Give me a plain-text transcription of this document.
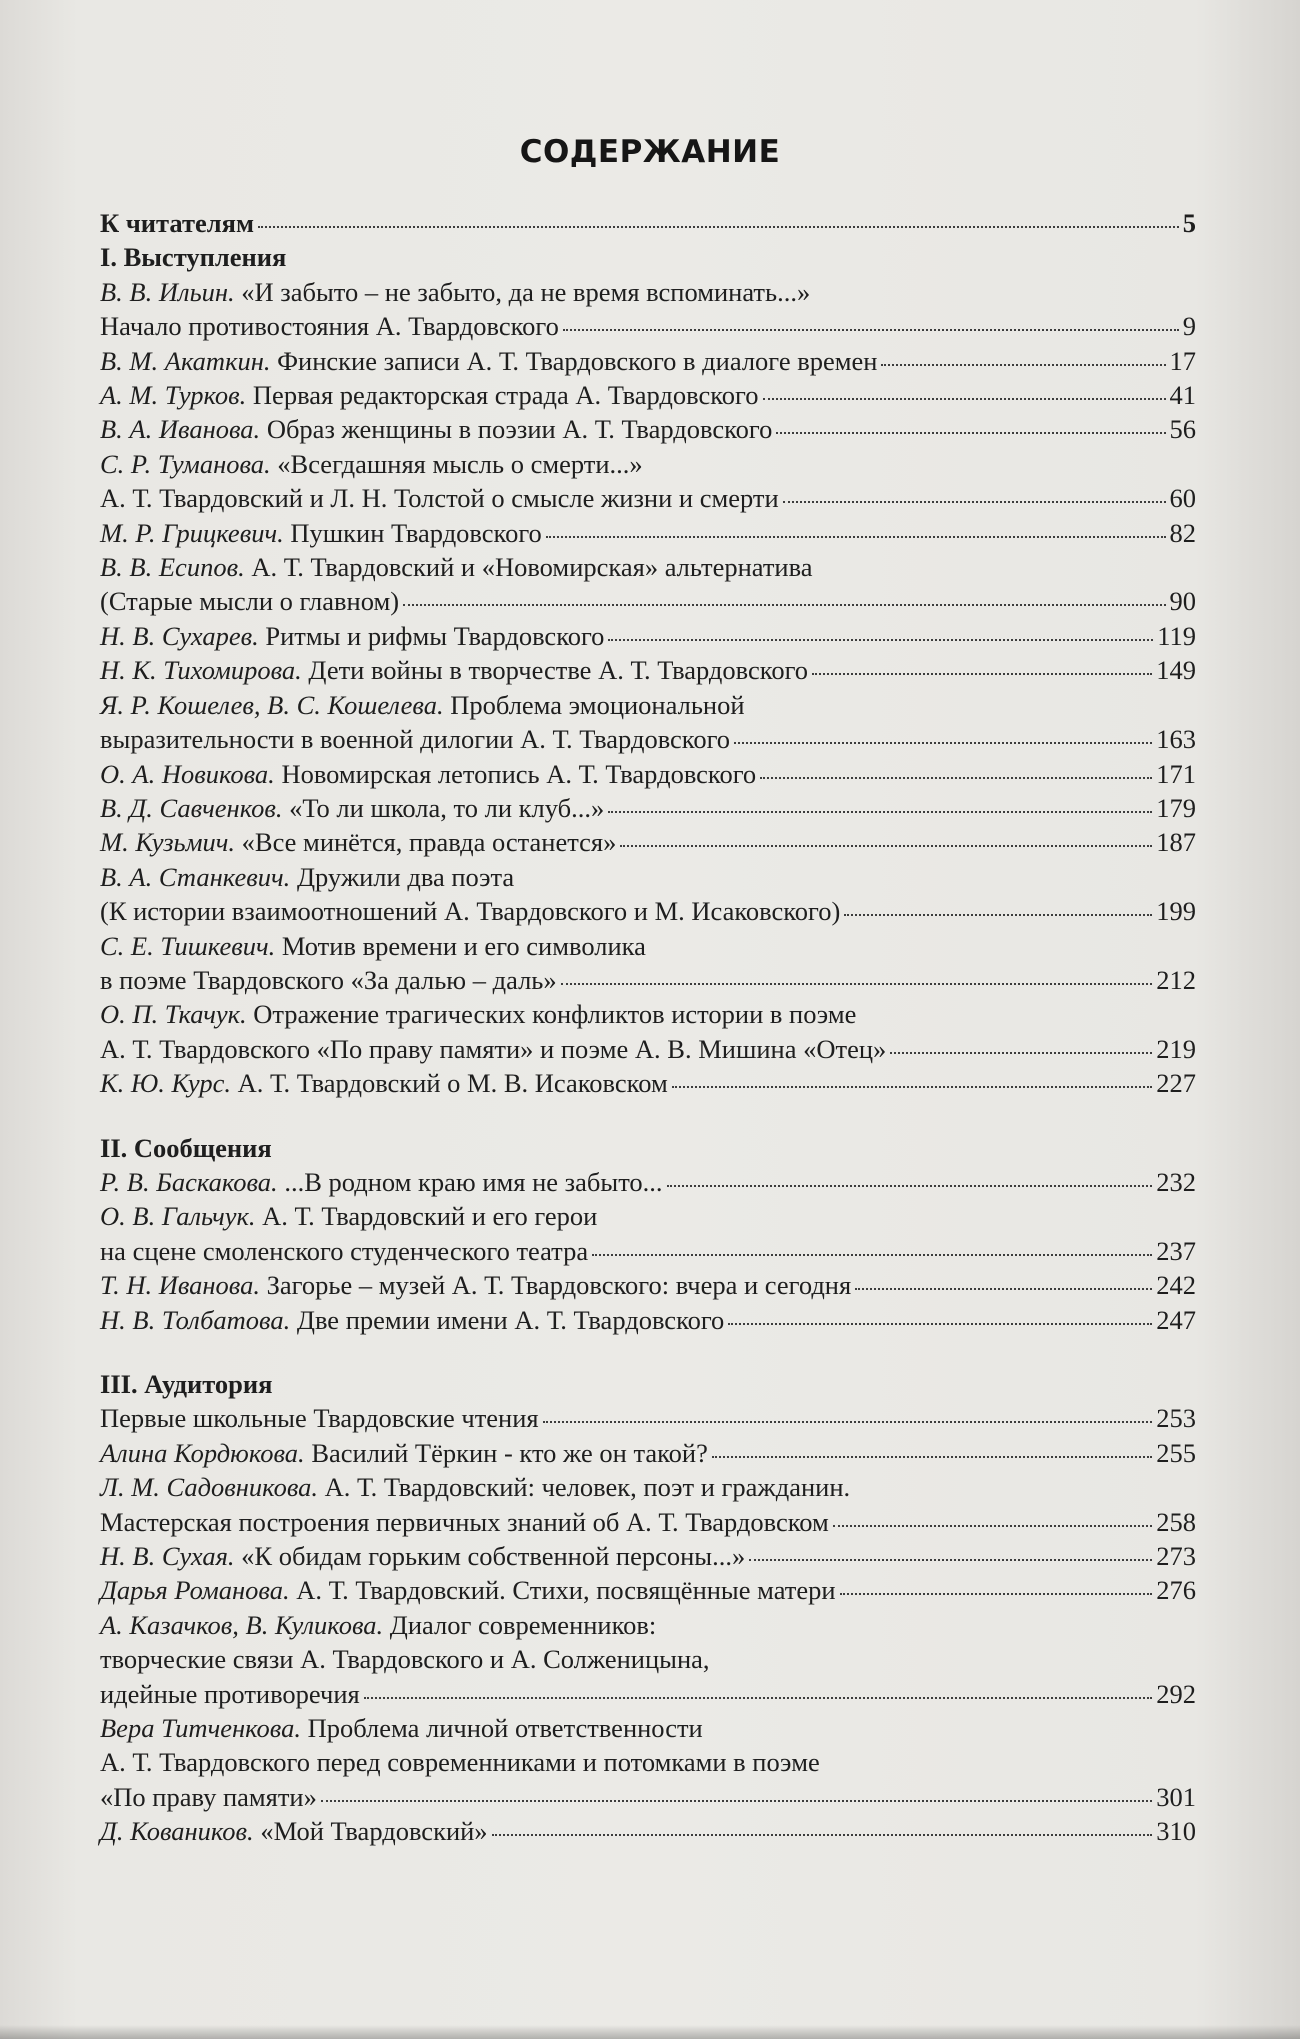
СОДЕРЖАНИЕ
К читателям	5
I. Выступления
В. В. Ильин. «И забыто – не забыто, да не время вспоминать...»
Начало противостояния А. Твардовского	9
В. М. Акаткин. Финские записи А. Т. Твардовского в диалоге времен	17
А. М. Турков. Первая редакторская страда А. Твардовского	41
В. А. Иванова. Образ женщины в поэзии А. Т. Твардовского	56
С. Р. Туманова. «Всегдашняя мысль о смерти...»
А. Т. Твардовский и Л. Н. Толстой о смысле жизни и смерти	60
М. Р. Грицкевич. Пушкин Твардовского	82
В. В. Есипов. А. Т. Твардовский и «Новомирская» альтернатива
(Старые мысли о главном)	90
Н. В. Сухарев. Ритмы и рифмы Твардовского	119
Н. К. Тихомирова. Дети войны в творчестве А. Т. Твардовского	149
Я. Р. Кошелев, В. С. Кошелева. Проблема эмоциональной
выразительности в военной дилогии А. Т. Твардовского	163
О. А. Новикова. Новомирская летопись А. Т. Твардовского	171
В. Д. Савченков. «То ли школа, то ли клуб...»	179
М. Кузьмич. «Все минётся, правда останется»	187
В. А. Станкевич. Дружили два поэта
(К истории взаимоотношений А. Твардовского и М. Исаковского)	199
С. Е. Тишкевич. Мотив времени и его символика
в поэме Твардовского «За далью – даль»	212
О. П. Ткачук. Отражение трагических конфликтов истории в поэме
А. Т. Твардовского «По праву памяти» и поэме А. В. Мишина «Отец»	219
К. Ю. Курс. А. Т. Твардовский о М. В. Исаковском	227
II. Сообщения
Р. В. Баскакова. ...В родном краю имя не забыто...	232
О. В. Гальчук. А. Т. Твардовский и его герои
на сцене смоленского студенческого театра	237
Т. Н. Иванова. Загорье – музей А. Т. Твардовского: вчера и сегодня	242
Н. В. Толбатова. Две премии имени А. Т. Твардовского	247
III. Аудитория
Первые школьные Твардовские чтения	253
Алина Кордюкова. Василий Тёркин - кто же он такой?	255
Л. М. Садовникова. А. Т. Твардовский: человек, поэт и гражданин.
Мастерская построения первичных знаний об А. Т. Твардовском	258
Н. В. Сухая. «К обидам горьким собственной персоны...»	273
Дарья Романова. А. Т. Твардовский. Стихи, посвящённые матери	276
А. Казачков, В. Куликова. Диалог современников:
творческие связи А. Твардовского и А. Солженицына,
идейные противоречия	292
Вера Титченкова. Проблема личной ответственности
А. Т. Твардовского перед современниками и потомками в поэме
«По праву памяти»	301
Д. Коваников. «Мой Твардовский»	310
